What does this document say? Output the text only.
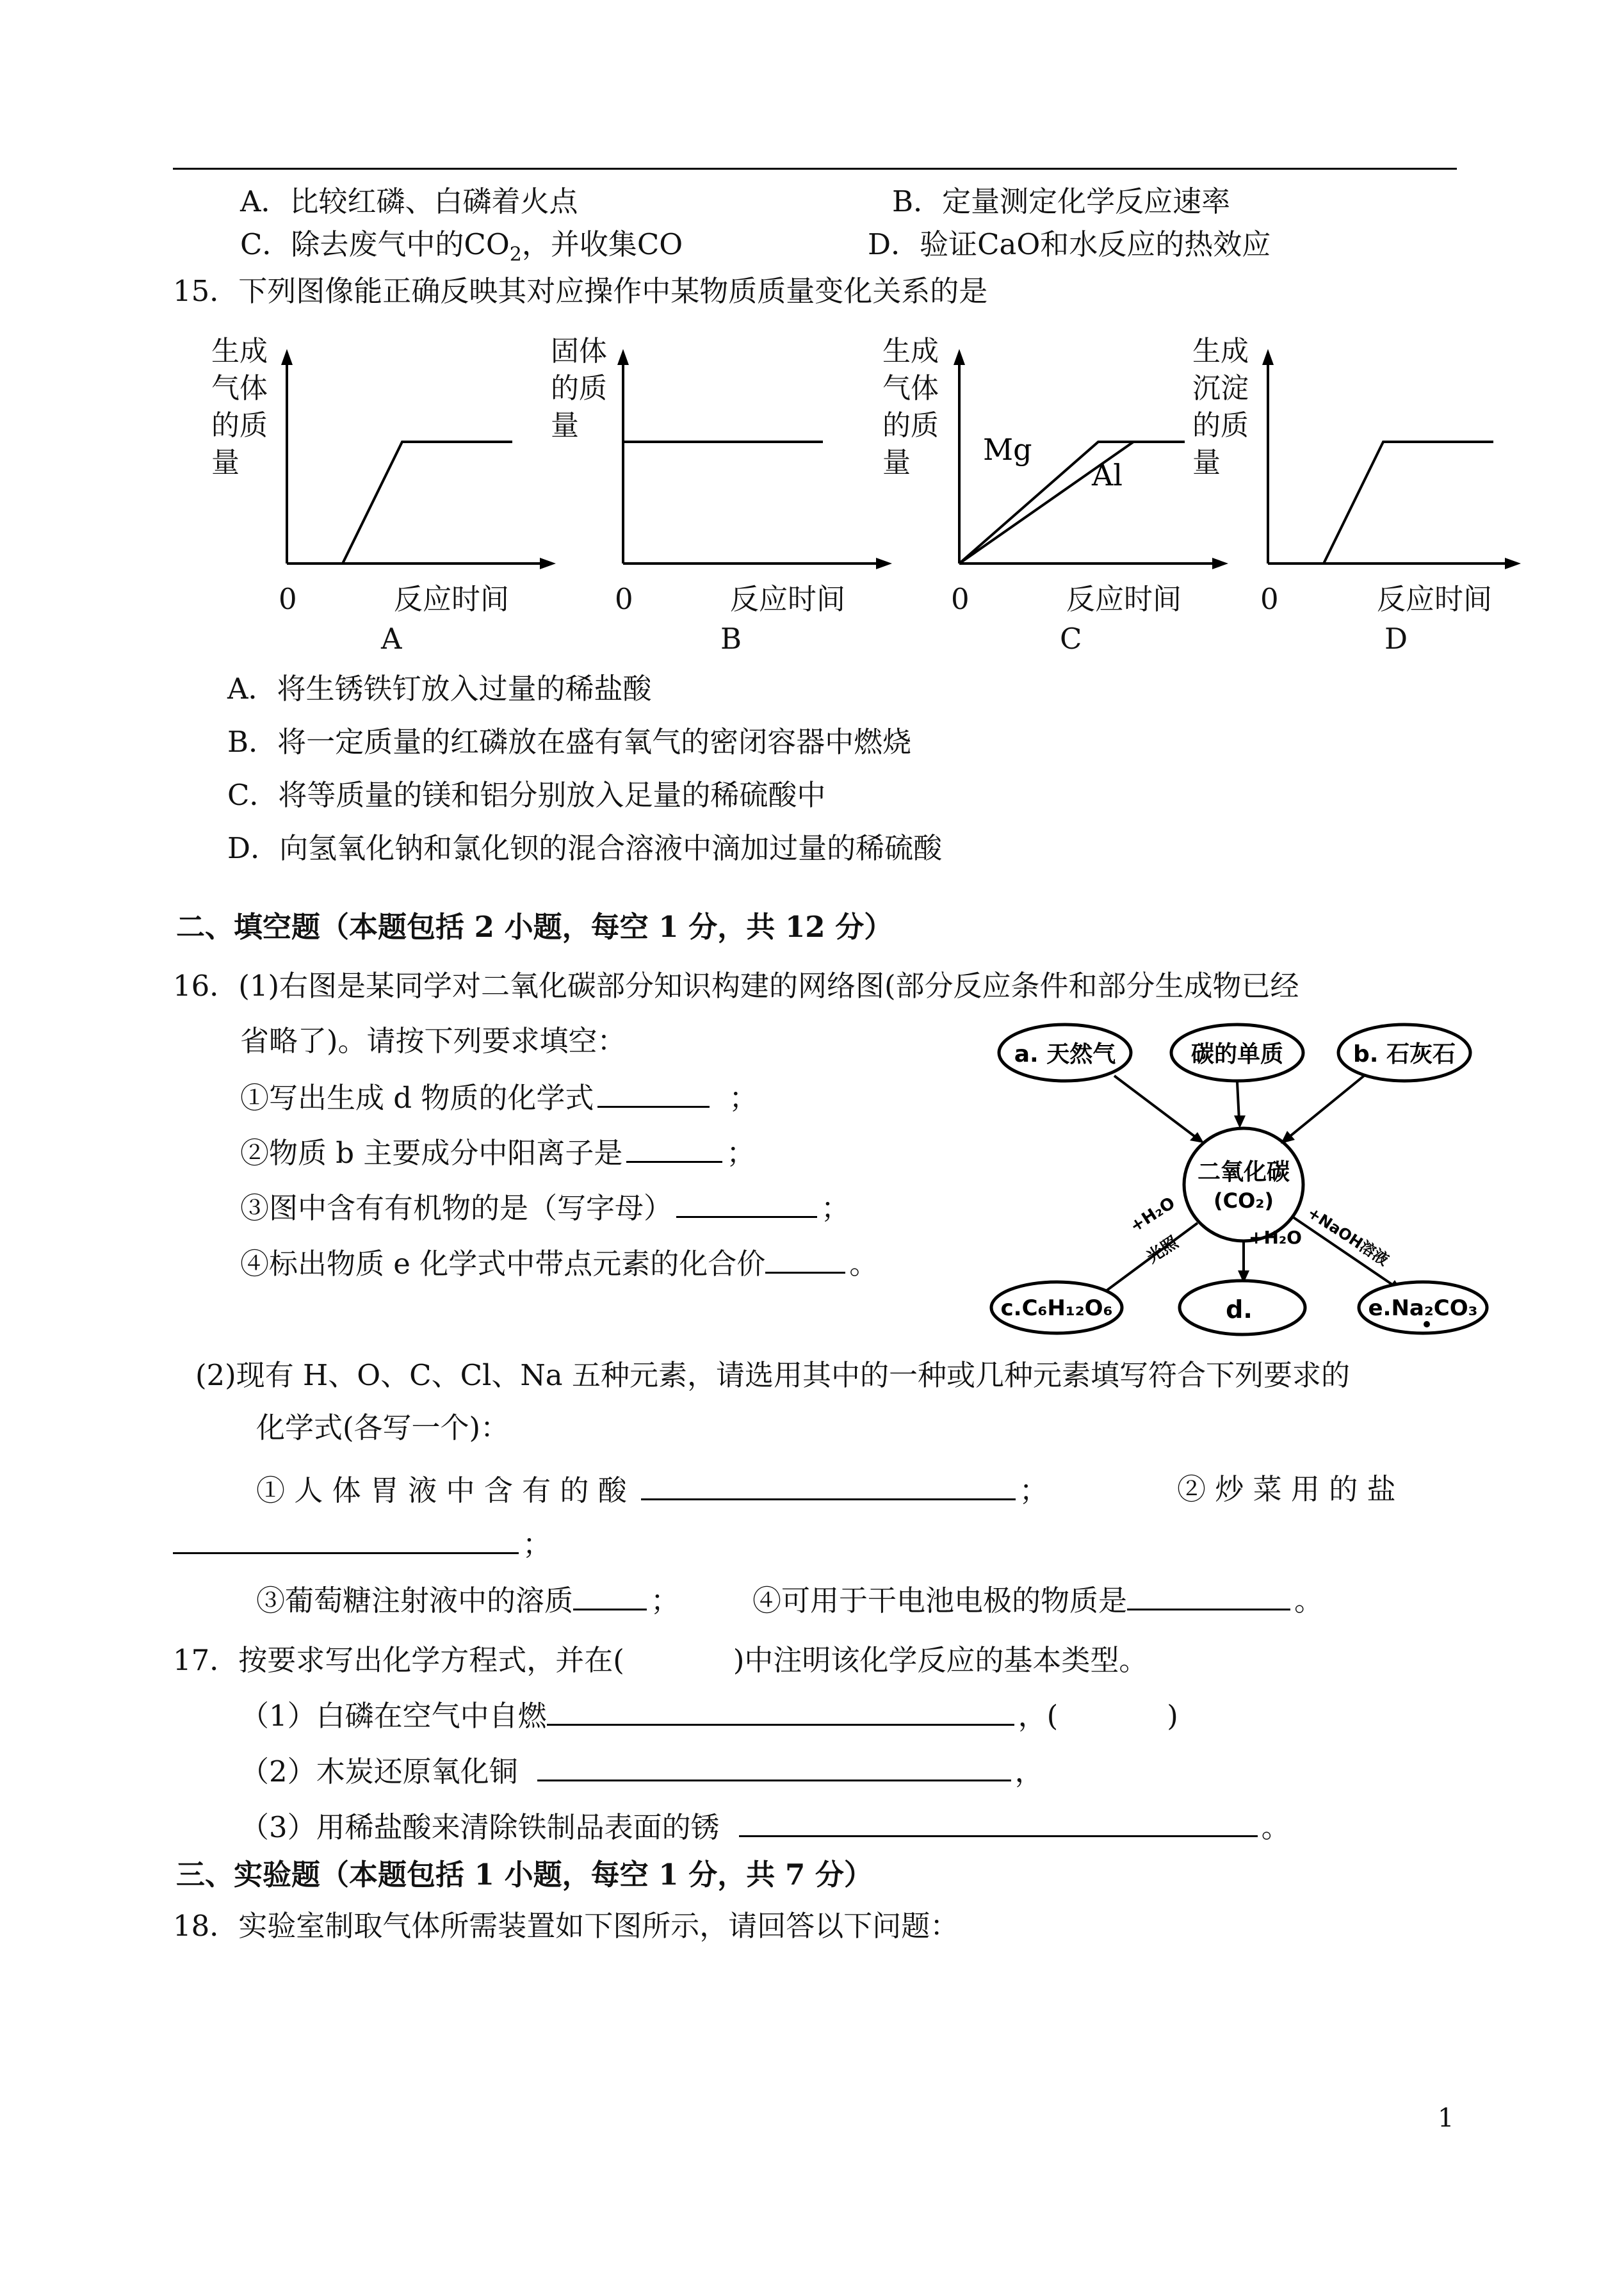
A．比较红磷、白磷着火点	B．定量测定化学反应速率
C．除去废气中的$CO_2$，并收集CO	D．验证CaO和水反应的热效应
15．下列图像能正确反映其对应操作中某物质质量变化关系的是
生成
气体
的质
量
0	反应时间
A
固体
的质
量
0	反应时间
B
生成
气体
的质
量	Mg
Al
0	反应时间
C
生成
沉淀
的质
量
0	反应时间
D
A．将生锈铁钉放入过量的稀盐酸
B．将一定质量的红磷放在盛有氧气的密闭容器中燃烧
C．将等质量的镁和铝分别放入足量的稀硫酸中
D．向氢氧化钠和氯化钡的混合溶液中滴加过量的稀硫酸
二、填空题（本题包括 2 小题，每空 1 分，共 12 分）
16．(1)右图是某同学对二氧化碳部分知识构建的网络图(部分反应条件和部分生成物已经
省略了)。请按下列要求填空：
①写出生成 d 物质的化学式	；
②物质 b 主要成分中阳离子是	；
③图中含有有机物的是（写字母）	；
④标出物质 e 化学式中带点元素的化合价	。
a. 天然气	碳的单质	b. 石灰石
二氧化碳
(CO₂)
+H₂O
光照	+H₂O +NaOH溶液
c.C₆H₁₂O₆	d.	e.Na₂CO₃
(2)现有 H、O、C、Cl、Na 五种元素，请选用其中的一种或几种元素填写符合下列要求的
化学式(各写一个)：
① 人 体 胃 液 中 含 有 的 酸	；	② 炒 菜 用 的 盐
；
③葡萄糖注射液中的溶质	；	④可用于干电池电极的物质是	。
17．按要求写出化学方程式，并在(	)中注明该化学反应的基本类型。
（1）白磷在空气中自燃	，(	)
（2）木炭还原氧化铜	，
（3）用稀盐酸来清除铁制品表面的锈	。
三、实验题（本题包括 1 小题，每空 1 分，共 7 分）
18．实验室制取气体所需装置如下图所示，请回答以下问题：
1
